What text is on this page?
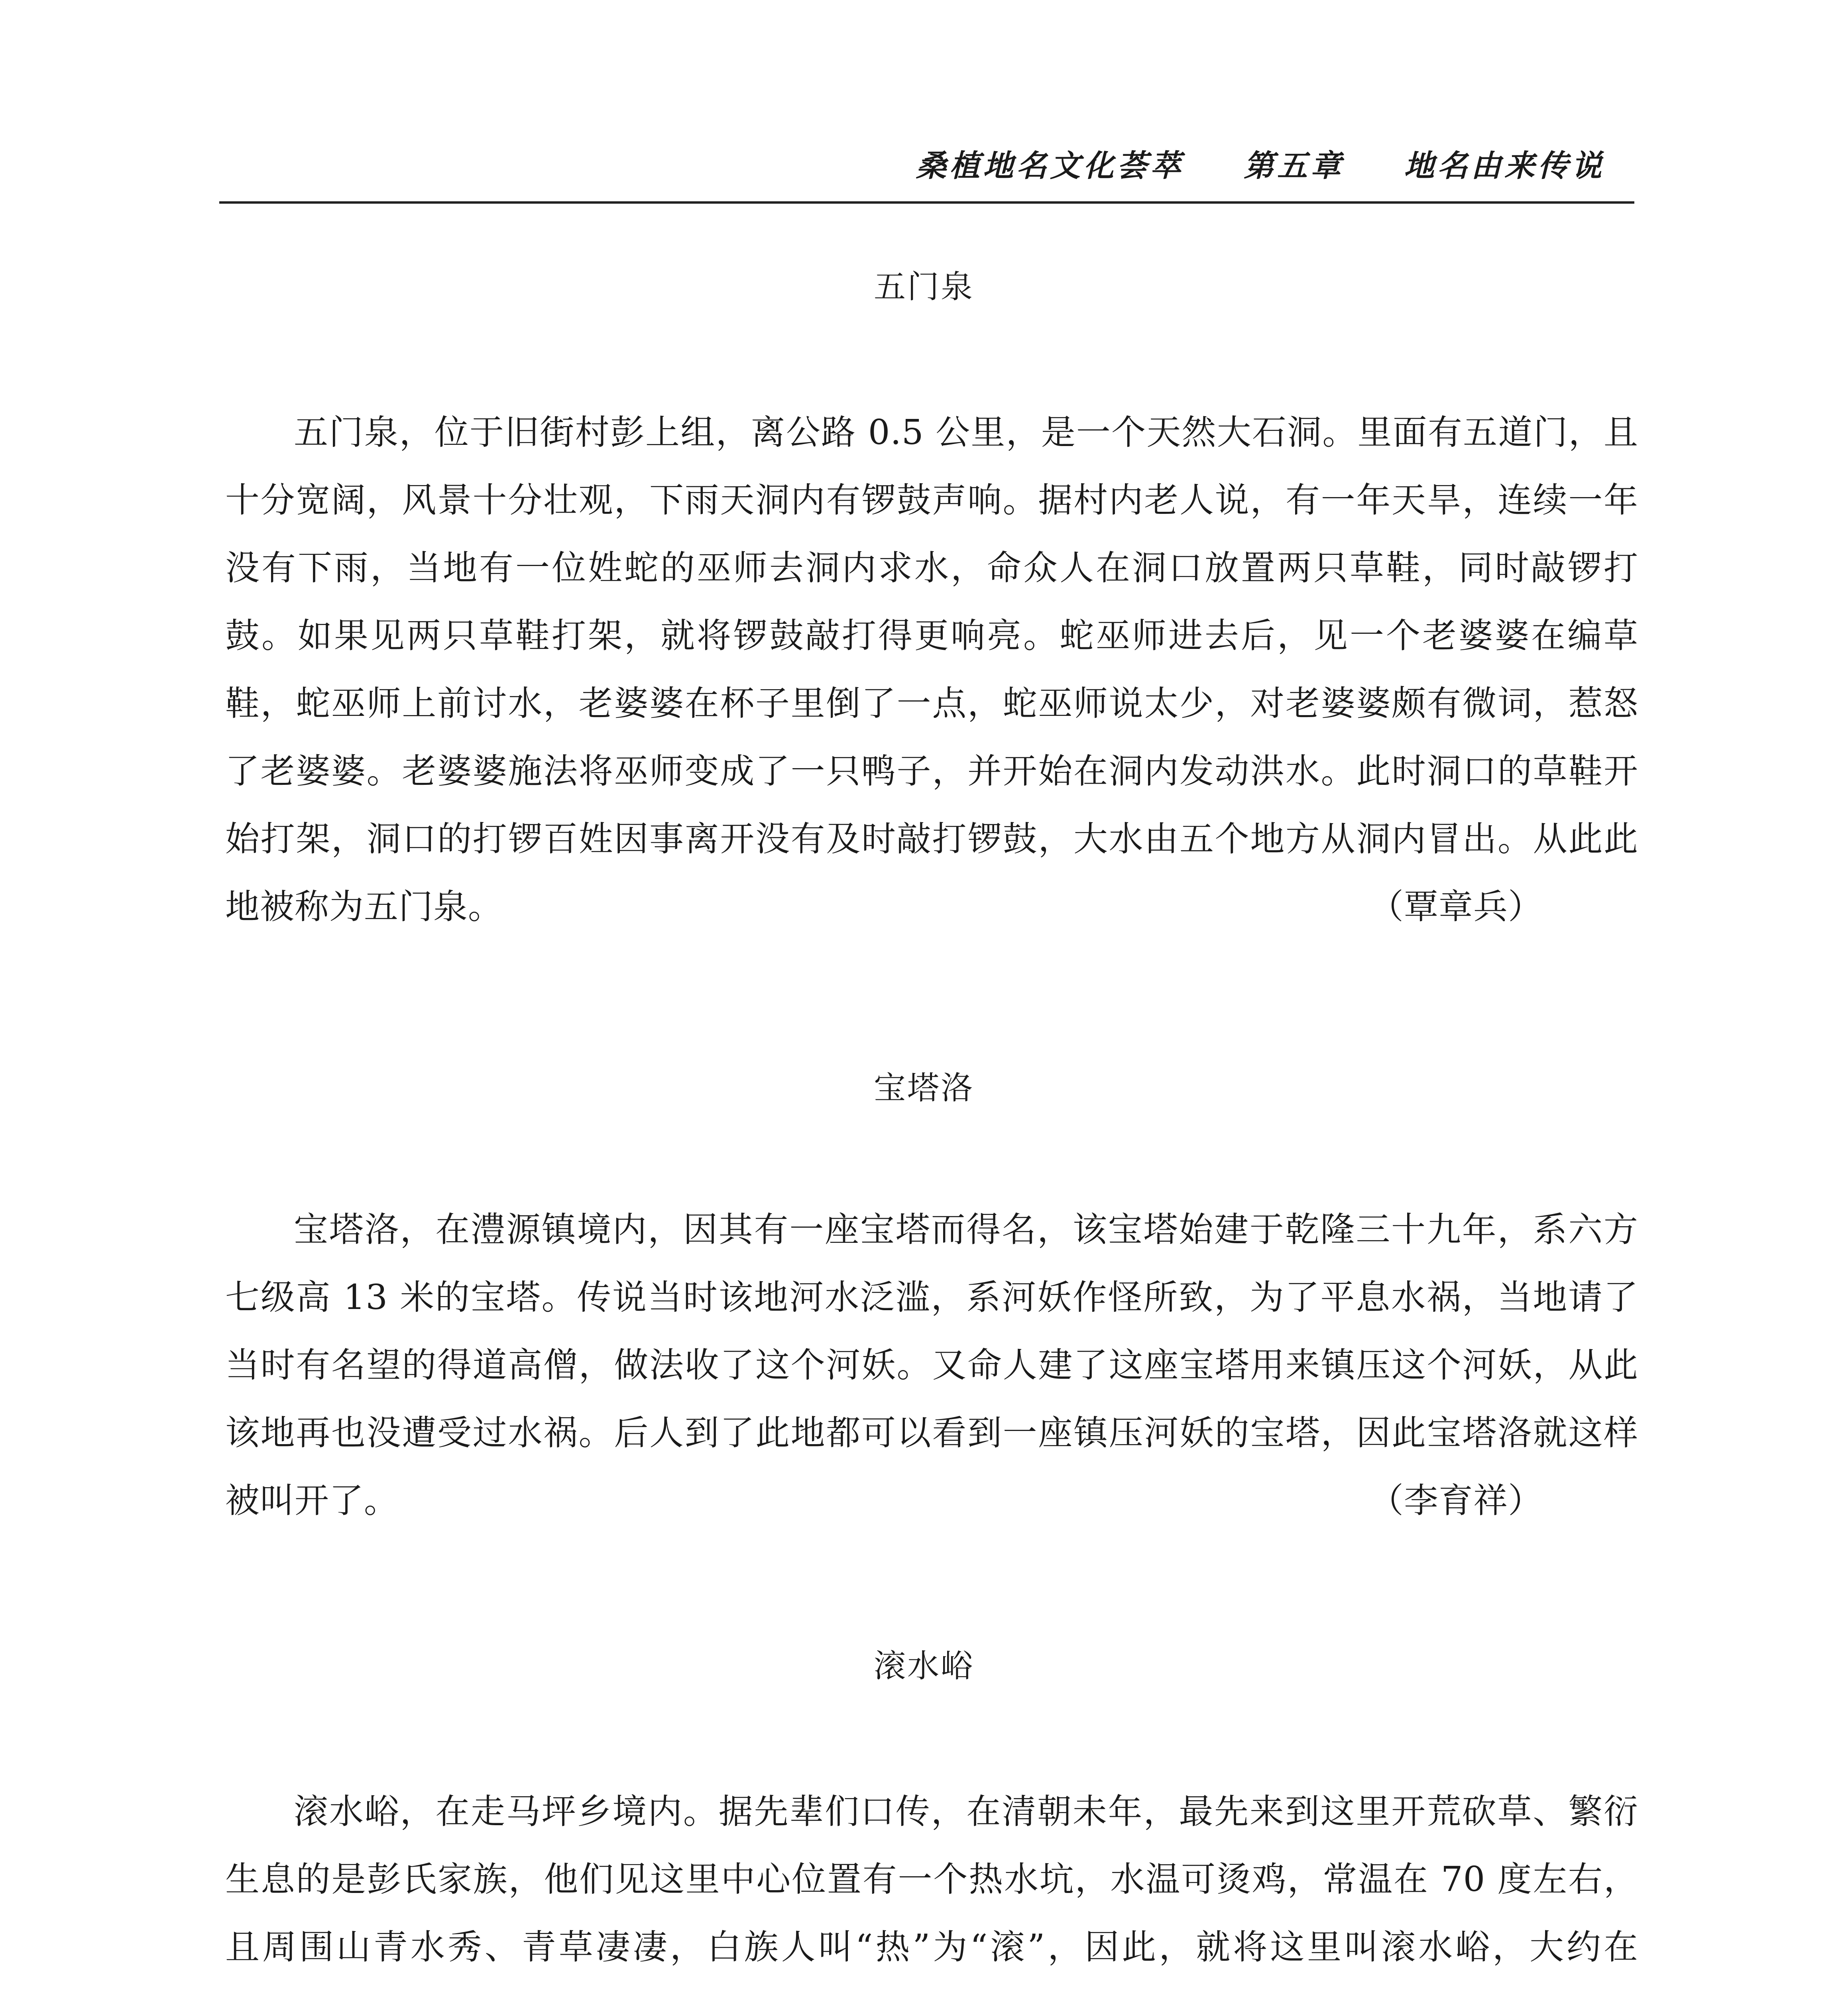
桑植地名文化荟萃 第五章 地名由来传说
五门泉
五门泉，位于旧街村彭上组，离公路 0.5 公里，是一个天然大石洞。里面有五道门，且十分宽阔，风景十分壮观，下雨天洞内有锣鼓声响。据村内老人说，有一年天旱，连续一年没有下雨，当地有一位姓蛇的巫师去洞内求水，命众人在洞口放置两只草鞋，同时敲锣打鼓。如果见两只草鞋打架，就将锣鼓敲打得更响亮。蛇巫师进去后，见一个老婆婆在编草鞋，蛇巫师上前讨水，老婆婆在杯子里倒了一点，蛇巫师说太少，对老婆婆颇有微词，惹怒了老婆婆。老婆婆施法将巫师变成了一只鸭子，并开始在洞内发动洪水。此时洞口的草鞋开始打架，洞口的打锣百姓因事离开没有及时敲打锣鼓，大水由五个地方从洞内冒出。从此此地被称为五门泉。	（覃章兵）
宝塔洛
宝塔洛，在澧源镇境内，因其有一座宝塔而得名，该宝塔始建于乾隆三十九年，系六方七级高 13 米的宝塔。传说当时该地河水泛滥，系河妖作怪所致，为了平息水祸，当地请了当时有名望的得道高僧，做法收了这个河妖。又命人建了这座宝塔用来镇压这个河妖，从此该地再也没遭受过水祸。后人到了此地都可以看到一座镇压河妖的宝塔，因此宝塔洛就这样被叫开了。	（李育祥）
滚水峪
滚水峪，在走马坪乡境内。据先辈们口传，在清朝未年，最先来到这里开荒砍草、繁衍生息的是彭氏家族，他们见这里中心位置有一个热水坑，水温可烫鸡，常温在 70 度左右，且周围山青水秀、青草凄凄，白族人叫“热”为“滚”，因此，就将这里叫滚水峪，大约在
